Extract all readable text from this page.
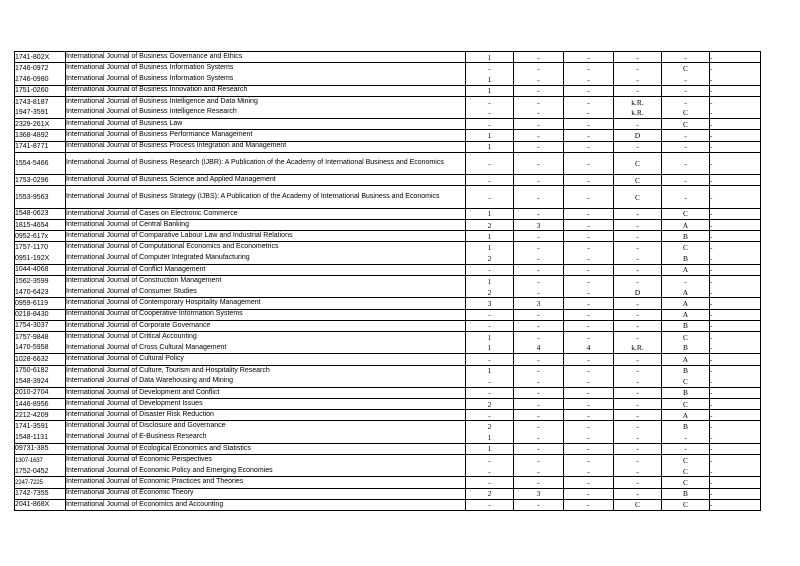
1741-802X	International Journal of Business Governance and Ethics	1	-	-	-	-	-
1746-0972	International Journal of Business Information Systems	-	-	-	-	C	-
1746-0980	International Journal of Business Information Systems	1	-	-	-	-	-
1751-0260	International Journal of Business Innovation and Research	1	-	-	-	-	-
1743-8187	International Journal of Business Intelligence and Data Mining	-	-	-	k.R.	-	-
1947-3591	International Journal of Business Intelligence Research	-	-	-	k.R.	C	-
2329-261X	International Journal of Business Law	-	-	-	-	C	-
1368-4892	International Journal of Business Performance Management	1	-	-	D	-	-
1741-8771	International Journal of Business Process Integration and Management	1	-	-	-	-	-
1554-5466	International Journal of Business Research (IJBR): A Publication of the Academy of International Business and Economics	-	-	-	C	-	-
1753-0296	International Journal of Business Science and Applied Management	-	-	-	C	-	-
1553-9563	International Journal of Business Strategy (IJBS): A Publication of the Academy of International Business and Economics	-	-	-	C	-	-
1548-0623	International Journal of Cases on Electronic Commerce	1	-	-	-	C	-
1815-4654	International Journal of Central Banking	2	3	-	-	A	-
0952-617x	International Journal of Comparative Labour Law and Industrial Relations	1	-	-	-	B	-
1757-1170	International Journal of Computational Economics and Econometrics	1	-	-	-	C	-
0951-192X	International Journal of Computer Integrated Manufacturing	2	-	-	-	B	-
1044-4068	International Journal of Conflict Management	-	-	-	-	A	-
1562-3599	International Journal of Construction Management	1	-	-	-	-	-
1470-6423	International Journal of Consumer Studies	2	-	-	D	A	-
0959-6119	International Journal of Contemporary Hospitality Management	3	3	-	-	A	-
0218-8430	International Journal of Cooperative Information Systems	-	-	-	-	A	-
1754-3037	International Journal of Corporate Governance	-	-	-	-	B	-
1757-9848	International Journal of Critical Accounting	1	-	-	-	C	-
1470-5958	International Journal of Cross Cultural Management	1	4	4	k.R.	B	-
1028-6632	International Journal of Cultural Policy	-	-	-	-	A	-
1750-6182	International Journal of Culture, Tourism and Hospitality Research	1	-	-	-	B	-
1548-3924	International Journal of Data Warehousing and Mining	-	-	-	-	C	-
2010-2704	International Journal of Development and Conflict	-	-	-	-	B	-
1446-8956	International Journal of Development Issues	2	-	-	-	C	-
2212-4209	International Journal of Disaster Risk Reduction	-	-	-	-	A	-
1741-3591	International Journal of Disclosure and Governance	2	-	-	-	B	-
1548-1131	International Journal of E-Business Research	1	-	-	-	-	-
09731-385	International Journal of Ecological Economics and Statistics	1	-	-	-	-	-
1307-1637	International Journal of Economic Perspectives	-	-	-	-	C	-
1752-0452	International Journal of Economic Policy and Emerging Economies	-	-	-	-	C	-
2247-7225	International Journal of Economic Practices and Theories	-	-	-	-	C	-
1742-7355	International Journal of Economic Theory	2	3	-	-	B	-
2041-868X	International Journal of Economics and Accounting	-	-	-	C	C	-
